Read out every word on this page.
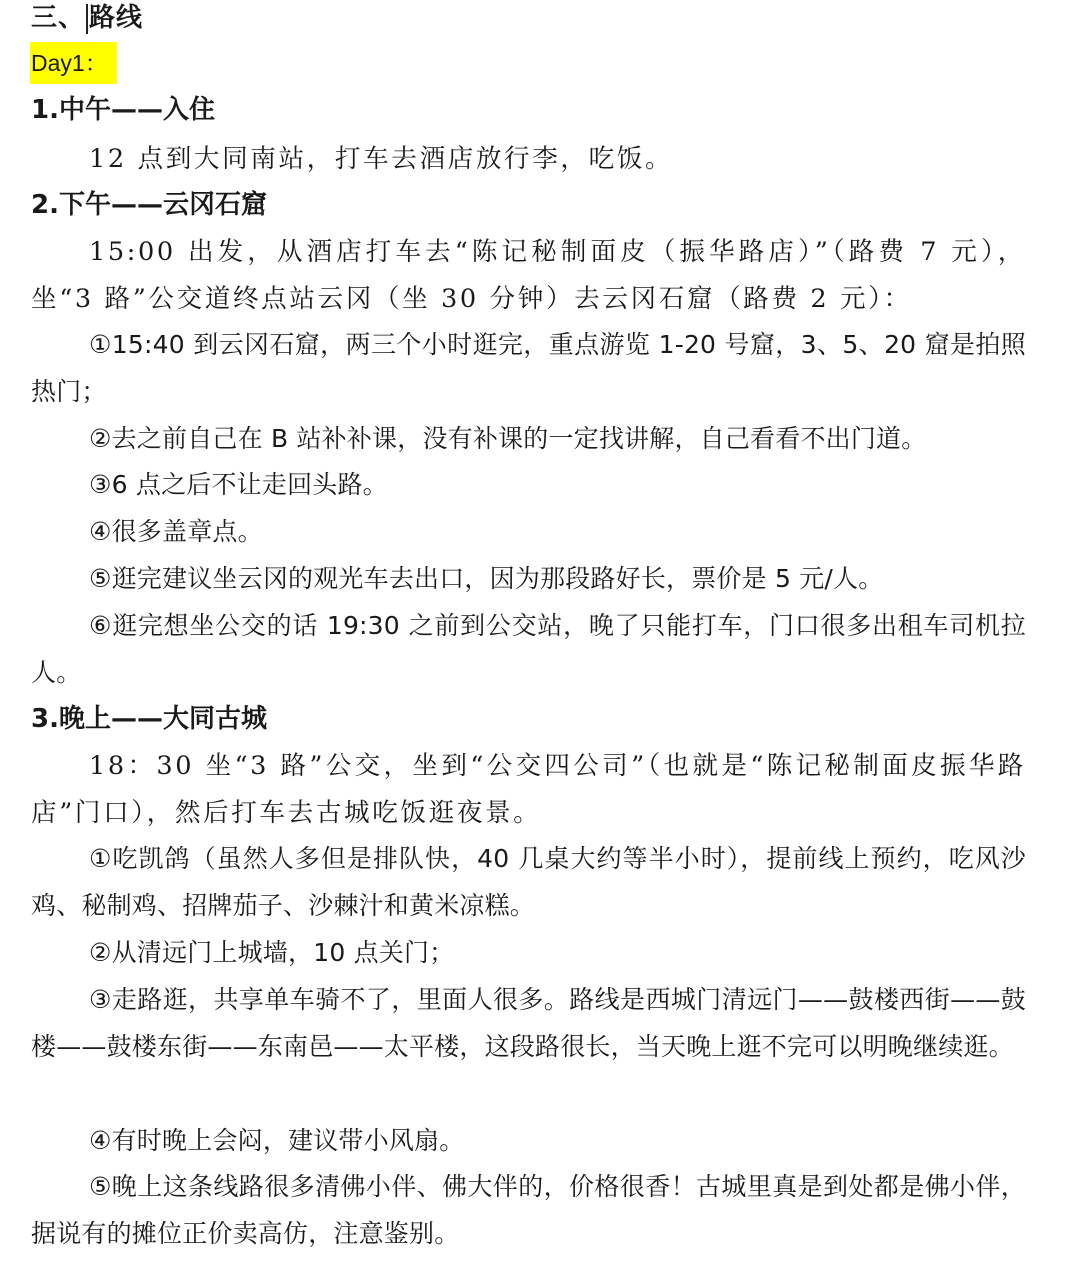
三、 路线
Day1：
1.中午——入住
12 点到大同南站，打车去酒店放行李，吃饭。
2.下午——云冈石窟
15:00 出发，从酒店打车去“陈记秘制面皮（振华路店）”（路费 7 元），坐“3 路”公交道终点站云冈（坐 30 分钟）去云冈石窟（路费 2 元）：
①15:40 到云冈石窟，两三个小时逛完，重点游览 1-20 号窟，3、5、20 窟是拍照热门；
②去之前自己在 B 站补补课，没有补课的一定找讲解，自己看看不出门道。
③6 点之后不让走回头路。
④很多盖章点。
⑤逛完建议坐云冈的观光车去出口，因为那段路好长，票价是 5 元/人。
⑥逛完想坐公交的话 19:30 之前到公交站，晚了只能打车，门口很多出租车司机拉人。
3.晚上——大同古城
18：30 坐“3 路”公交，坐到“公交四公司”（也就是“陈记秘制面皮振华路店”门口），然后打车去古城吃饭逛夜景。
①吃凯鸽（虽然人多但是排队快，40 几桌大约等半小时），提前线上预约，吃风沙鸡、秘制鸡、招牌茄子、沙棘汁和黄米凉糕。
②从清远门上城墙，10 点关门；
③走路逛，共享单车骑不了，里面人很多。路线是西城门清远门——鼓楼西街——鼓楼——鼓楼东街——东南邑——太平楼，这段路很长，当天晚上逛不完可以明晚继续逛。
④有时晚上会闷，建议带小风扇。
⑤晚上这条线路很多清佛小伴、佛大伴的，价格很香！古城里真是到处都是佛小伴，据说有的摊位正价卖高仿，注意鉴别。
